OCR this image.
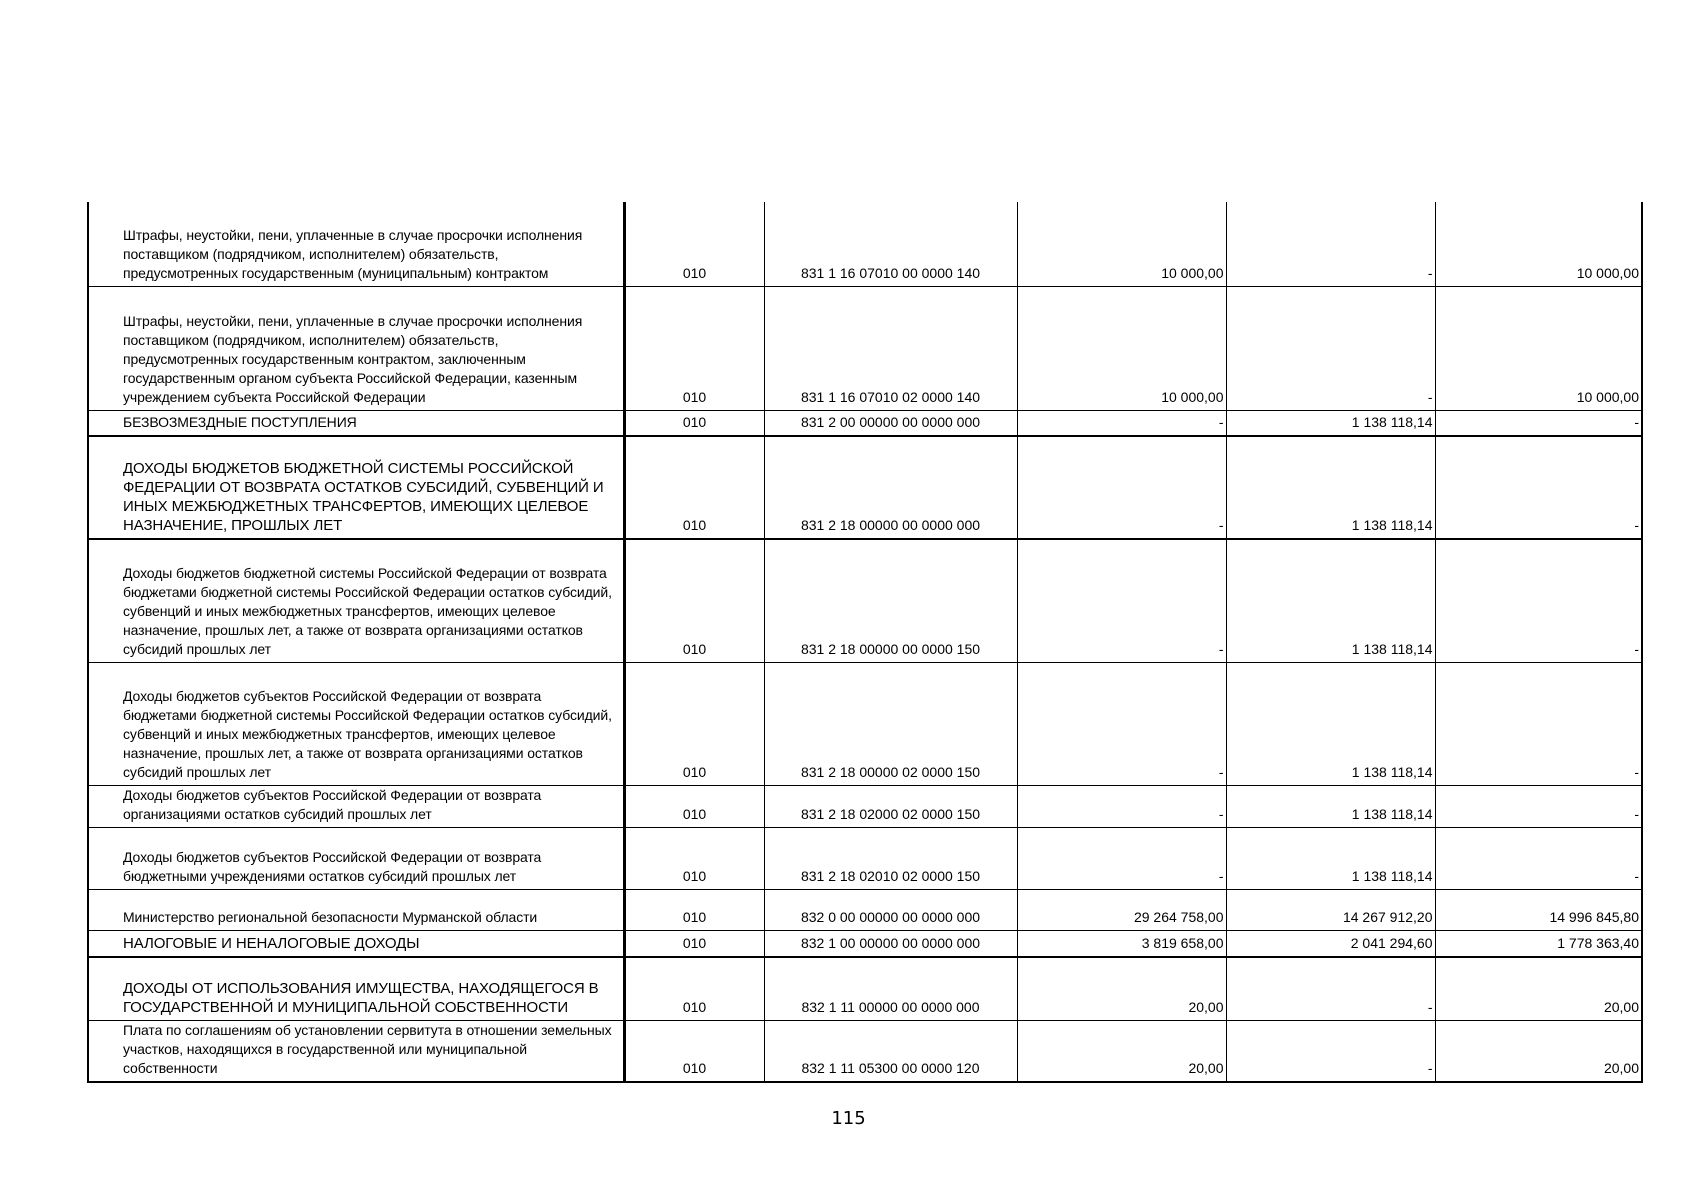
Штрафы, неустойки, пени, уплаченные в случае просрочки исполнения поставщиком (подрядчиком, исполнителем) обязательств, предусмотренных государственным (муниципальным) контрактом	010	831 1 16 07010 00 0000 140	10 000,00	-	10 000,00
Штрафы, неустойки, пени, уплаченные в случае просрочки исполнения поставщиком (подрядчиком, исполнителем) обязательств, предусмотренных государственным контрактом, заключенным государственным органом субъекта Российской Федерации, казенным учреждением субъекта Российской Федерации	010	831 1 16 07010 02 0000 140	10 000,00	-	10 000,00
БЕЗВОЗМЕЗДНЫЕ ПОСТУПЛЕНИЯ	010	831 2 00 00000 00 0000 000	-	1 138 118,14	-
ДОХОДЫ БЮДЖЕТОВ БЮДЖЕТНОЙ СИСТЕМЫ РОССИЙСКОЙ ФЕДЕРАЦИИ ОТ ВОЗВРАТА ОСТАТКОВ СУБСИДИЙ, СУБВЕНЦИЙ И ИНЫХ МЕЖБЮДЖЕТНЫХ ТРАНСФЕРТОВ, ИМЕЮЩИХ ЦЕЛЕВОЕ НАЗНАЧЕНИЕ, ПРОШЛЫХ ЛЕТ	010	831 2 18 00000 00 0000 000	-	1 138 118,14	-
Доходы бюджетов бюджетной системы Российской Федерации от возврата бюджетами бюджетной системы Российской Федерации остатков субсидий, субвенций и иных межбюджетных трансфертов, имеющих целевое назначение, прошлых лет, а также от возврата организациями остатков субсидий прошлых лет	010	831 2 18 00000 00 0000 150	-	1 138 118,14	-
Доходы бюджетов субъектов Российской Федерации от возврата бюджетами бюджетной системы Российской Федерации остатков субсидий, субвенций и иных межбюджетных трансфертов, имеющих целевое назначение, прошлых лет, а также от возврата организациями остатков субсидий прошлых лет	010	831 2 18 00000 02 0000 150	-	1 138 118,14	-
Доходы бюджетов субъектов Российской Федерации от возврата организациями остатков субсидий прошлых лет	010	831 2 18 02000 02 0000 150	-	1 138 118,14	-
Доходы бюджетов субъектов Российской Федерации от возврата бюджетными учреждениями остатков субсидий прошлых лет	010	831 2 18 02010 02 0000 150	-	1 138 118,14	-
Министерство региональной безопасности Мурманской области	010	832 0 00 00000 00 0000 000	29 264 758,00	14 267 912,20	14 996 845,80
НАЛОГОВЫЕ И НЕНАЛОГОВЫЕ ДОХОДЫ	010	832 1 00 00000 00 0000 000	3 819 658,00	2 041 294,60	1 778 363,40
ДОХОДЫ ОТ ИСПОЛЬЗОВАНИЯ ИМУЩЕСТВА, НАХОДЯЩЕГОСЯ В ГОСУДАРСТВЕННОЙ И МУНИЦИПАЛЬНОЙ СОБСТВЕННОСТИ	010	832 1 11 00000 00 0000 000	20,00	-	20,00
Плата по соглашениям об установлении сервитута в отношении земельных участков, находящихся в государственной или муниципальной собственности	010	832 1 11 05300 00 0000 120	20,00	-	20,00
115
